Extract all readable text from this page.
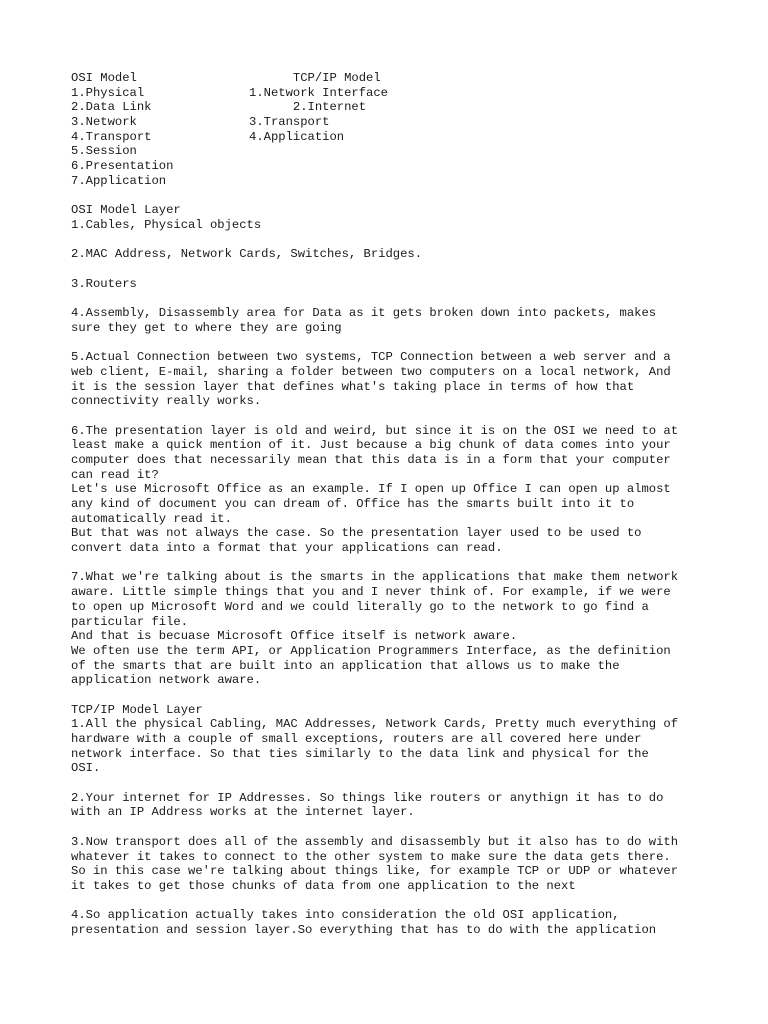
OSI Model
1.Physical
2.Data Link
3.Network
4.Transport
5.Session
6.Presentation
7.Application
TCP/IP Model
1.Network Interface
2.Internet
3.Transport
4.Application
OSI Model Layer
1.Cables, Physical objects
2.MAC Address, Network Cards, Switches, Bridges.
3.Routers
4.Assembly, Disassembly area for Data as it gets broken down into packets, makes
sure they get to where they are going
5.Actual Connection between two systems, TCP Connection between a web server and a
web client, E-mail, sharing a folder between two computers on a local network, And
it is the session layer that defines what's taking place in terms of how that
connectivity really works.
6.The presentation layer is old and weird, but since it is on the OSI we need to at
least make a quick mention of it. Just because a big chunk of data comes into your
computer does that necessarily mean that this data is in a form that your computer
can read it?
Let's use Microsoft Office as an example. If I open up Office I can open up almost
any kind of document you can dream of. Office has the smarts built into it to
automatically read it.
But that was not always the case. So the presentation layer used to be used to
convert data into a format that your applications can read.
7.What we're talking about is the smarts in the applications that make them network
aware. Little simple things that you and I never think of. For example, if we were
to open up Microsoft Word and we could literally go to the network to go find a
particular file.
And that is becuase Microsoft Office itself is network aware.
We often use the term API, or Application Programmers Interface, as the definition
of the smarts that are built into an application that allows us to make the
application network aware.
TCP/IP Model Layer
1.All the physical Cabling, MAC Addresses, Network Cards, Pretty much everything of
hardware with a couple of small exceptions, routers are all covered here under
network interface. So that ties similarly to the data link and physical for the
OSI.
2.Your internet for IP Addresses. So things like routers or anythign it has to do
with an IP Address works at the internet layer.
3.Now transport does all of the assembly and disassembly but it also has to do with
whatever it takes to connect to the other system to make sure the data gets there.
So in this case we're talking about things like, for example TCP or UDP or whatever
it takes to get those chunks of data from one application to the next
4.So application actually takes into consideration the old OSI application,
presentation and session layer.So everything that has to do with the application
